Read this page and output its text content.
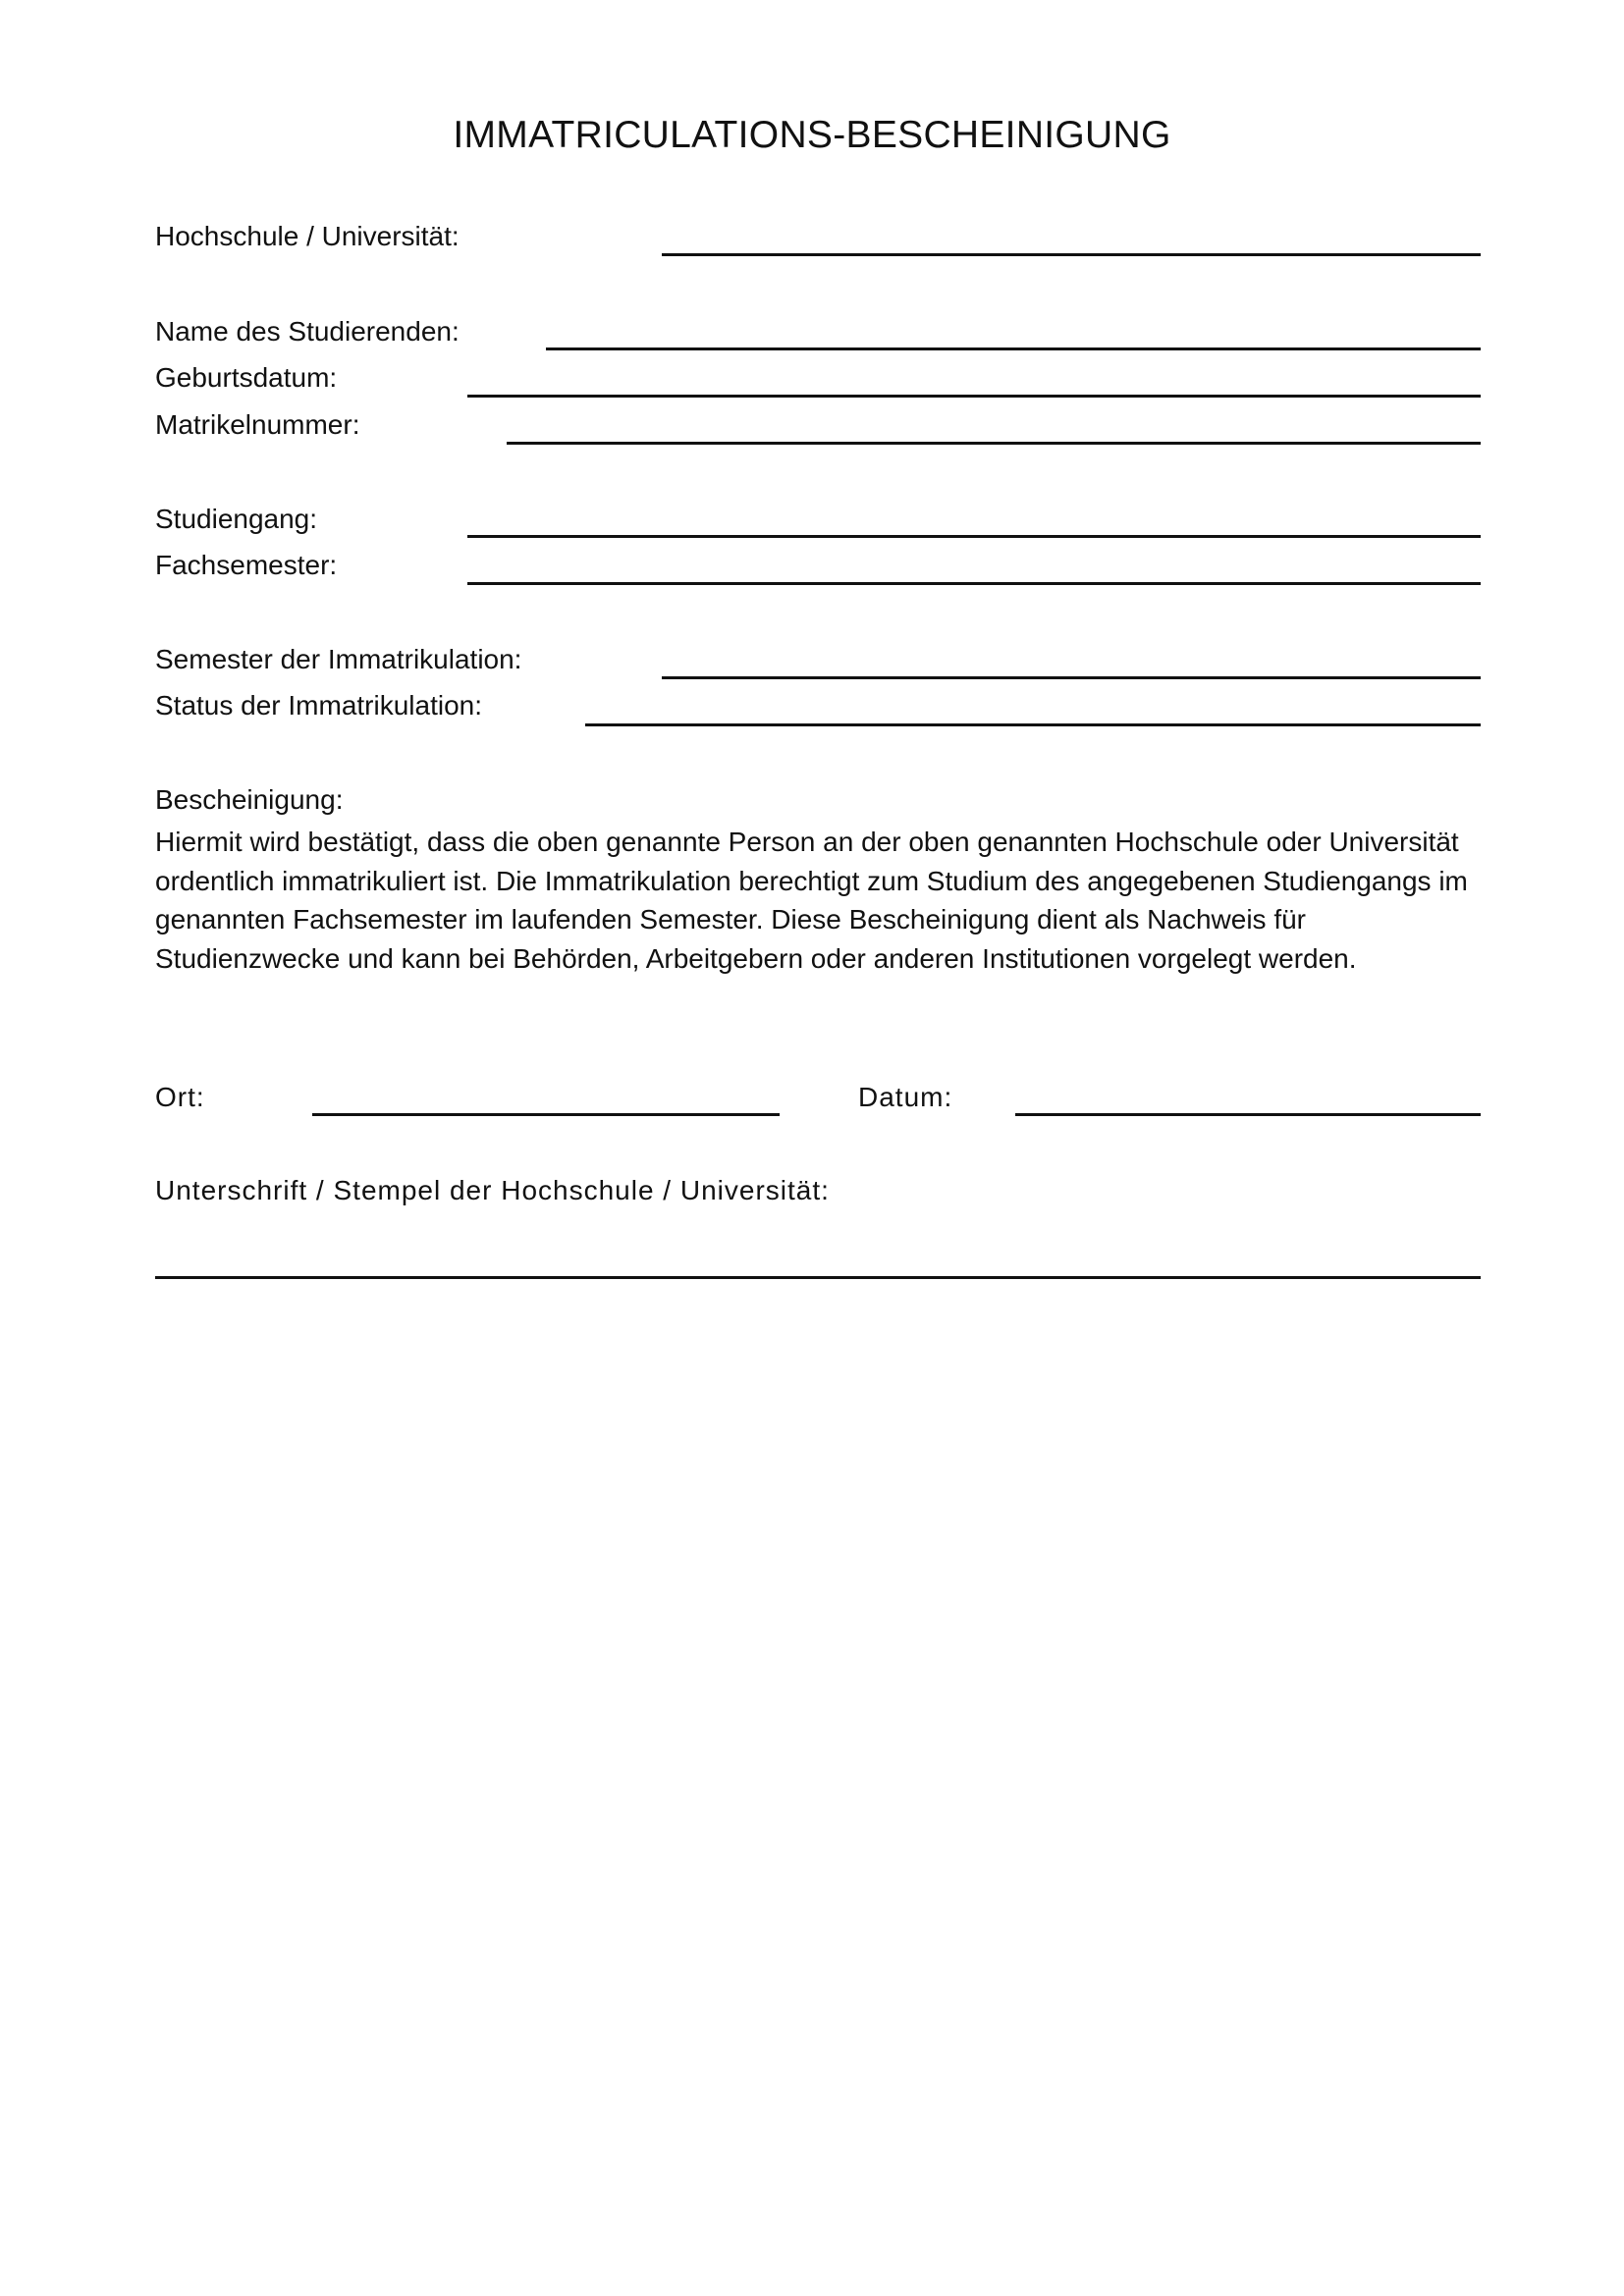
IMMATRICULATIONS-BESCHEINIGUNG
Hochschule / Universität:
Name des Studierenden:
Geburtsdatum:
Matrikelnummer:
Studiengang:
Fachsemester:
Semester der Immatrikulation:
Status der Immatrikulation:
Bescheinigung:
Hiermit wird bestätigt, dass die oben genannte Person an der oben genannten Hochschule oder Universität ordentlich immatrikuliert ist. Die Immatrikulation berechtigt zum Studium des angegebenen Studiengangs im genannten Fachsemester im laufenden Semester. Diese Bescheinigung dient als Nachweis für Studienzwecke und kann bei Behörden, Arbeitgebern oder anderen Institutionen vorgelegt werden.
Ort:	Datum:
Unterschrift / Stempel der Hochschule / Universität:
